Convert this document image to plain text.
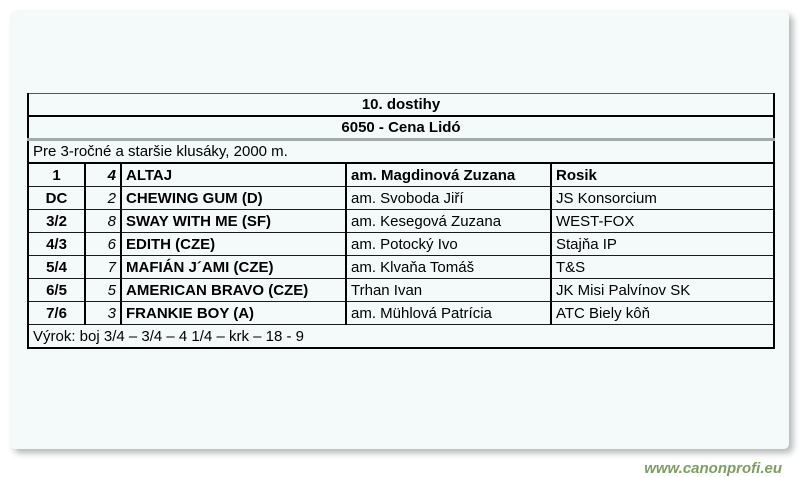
10. dostihy				
6050 - Cena Lidó				
Pre 3-ročné a staršie klusáky, 2000 m.				
1	4	ALTAJ	am. Magdinová Zuzana	Rosik
DC	2	CHEWING GUM (D)	am. Svoboda Jiří	JS Konsorcium
3/2	8	SWAY WITH ME (SF)	am. Kesegová Zuzana	WEST-FOX
4/3	6	EDITH (CZE)	am. Potocký Ivo	Stajňa IP
5/4	7	MAFIÁN J´AMI (CZE)	am. Klvaňa Tomáš	T&S
6/5	5	AMERICAN BRAVO (CZE)	Trhan Ivan	JK Misi Palvínov SK
7/6	3	FRANKIE BOY (A)	am. Mühlová Patrícia	ATC Biely kôň
Výrok: boj 3/4 – 3/4 – 4 1/4 – krk – 18 - 9				
www.canonprofi.eu
